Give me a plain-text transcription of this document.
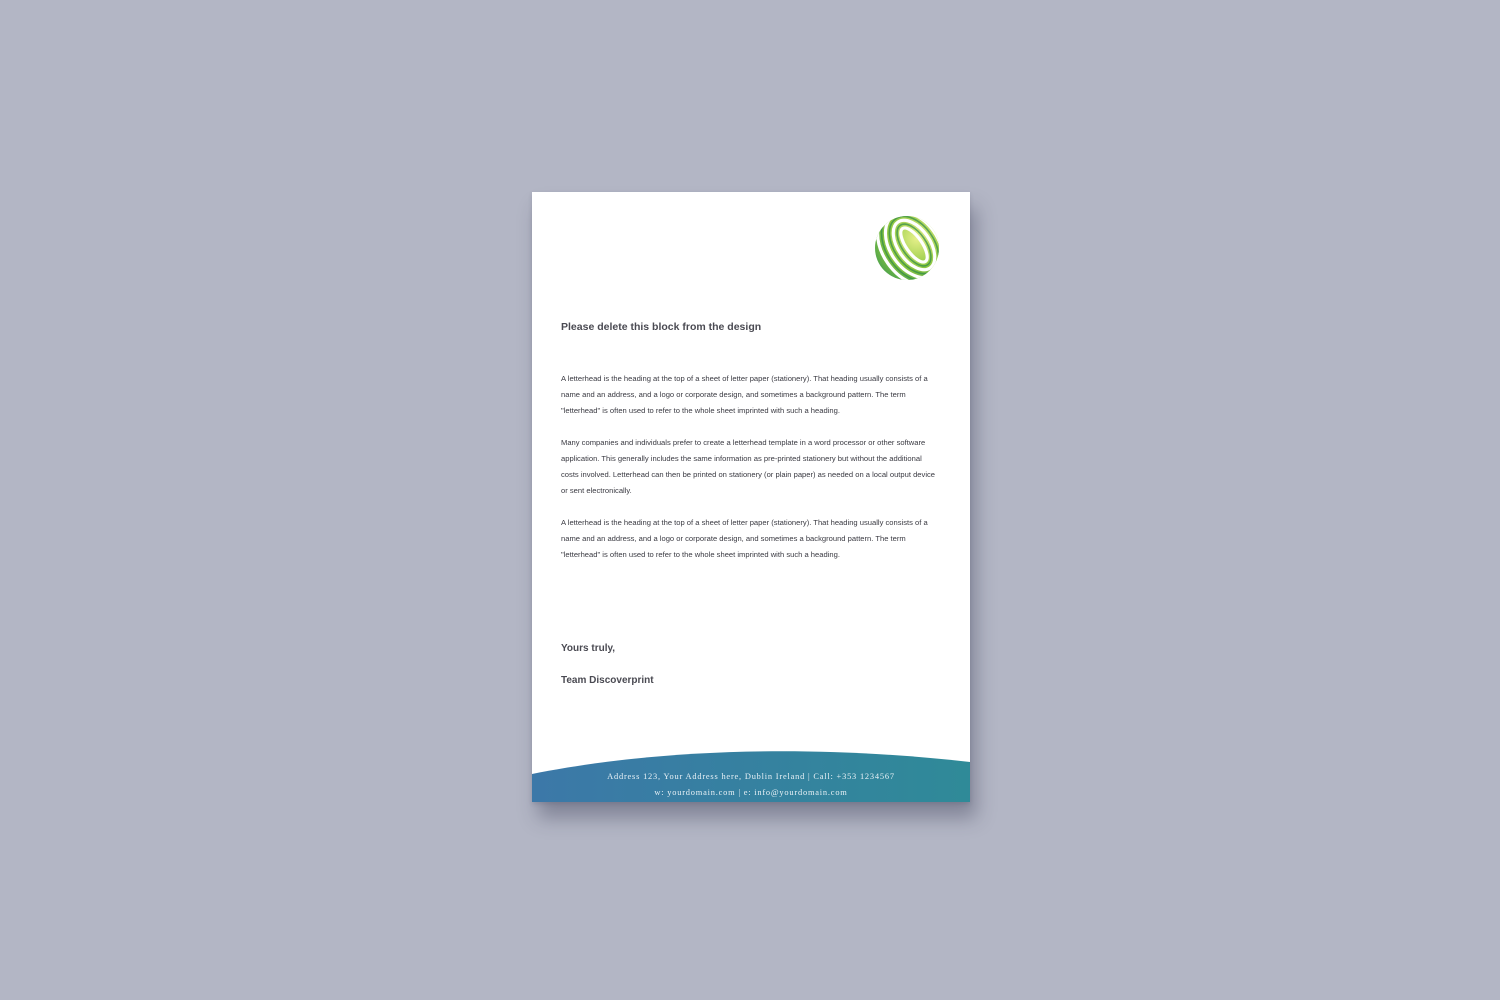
Please delete this block from the design

A letterhead is the heading at the top of a sheet of letter paper (stationery). That heading usually consists of a name and an address, and a logo or corporate design, and sometimes a background pattern. The term "letterhead" is often used to refer to the whole sheet imprinted with such a heading.

Many companies and individuals prefer to create a letterhead template in a word processor or other software application. This generally includes the same information as pre-printed stationery but without the additional costs involved. Letterhead can then be printed on stationery (or plain paper) as needed on a local output device or sent electronically.

A letterhead is the heading at the top of a sheet of letter paper (stationery). That heading usually consists of a name and an address, and a logo or corporate design, and sometimes a background pattern. The term "letterhead" is often used to refer to the whole sheet imprinted with such a heading.

Yours truly,
Team Discoverprint
Address 123, Your Address here, Dublin Ireland | Call: +353 1234567
w: yourdomain.com | e: info@yourdomain.com
